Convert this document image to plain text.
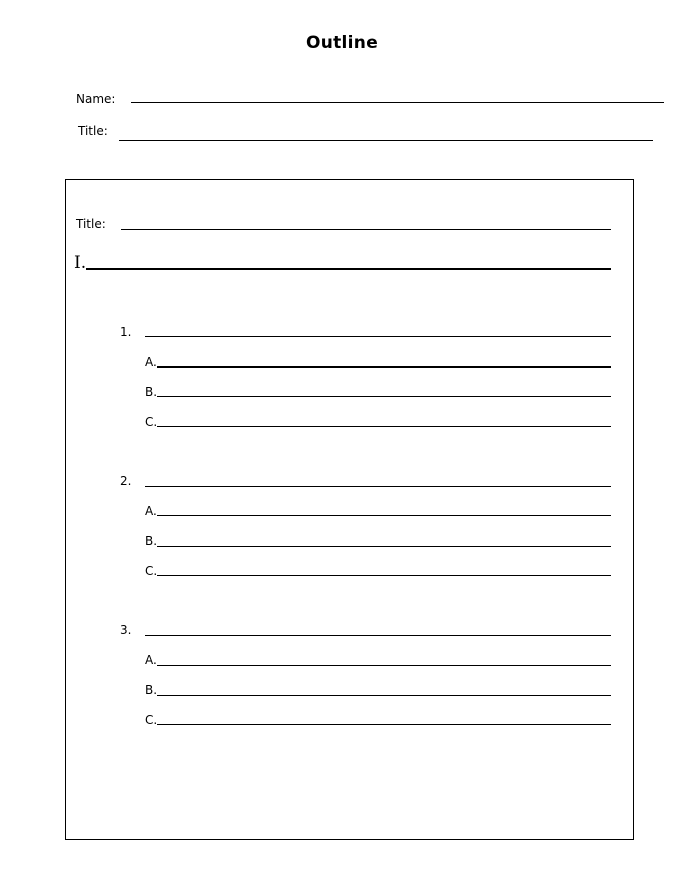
Outline
Name:
Title:
Title:
I.
1.
A.
B.
C.
2.
A.
B.
C.
3.
A.
B.
C.
